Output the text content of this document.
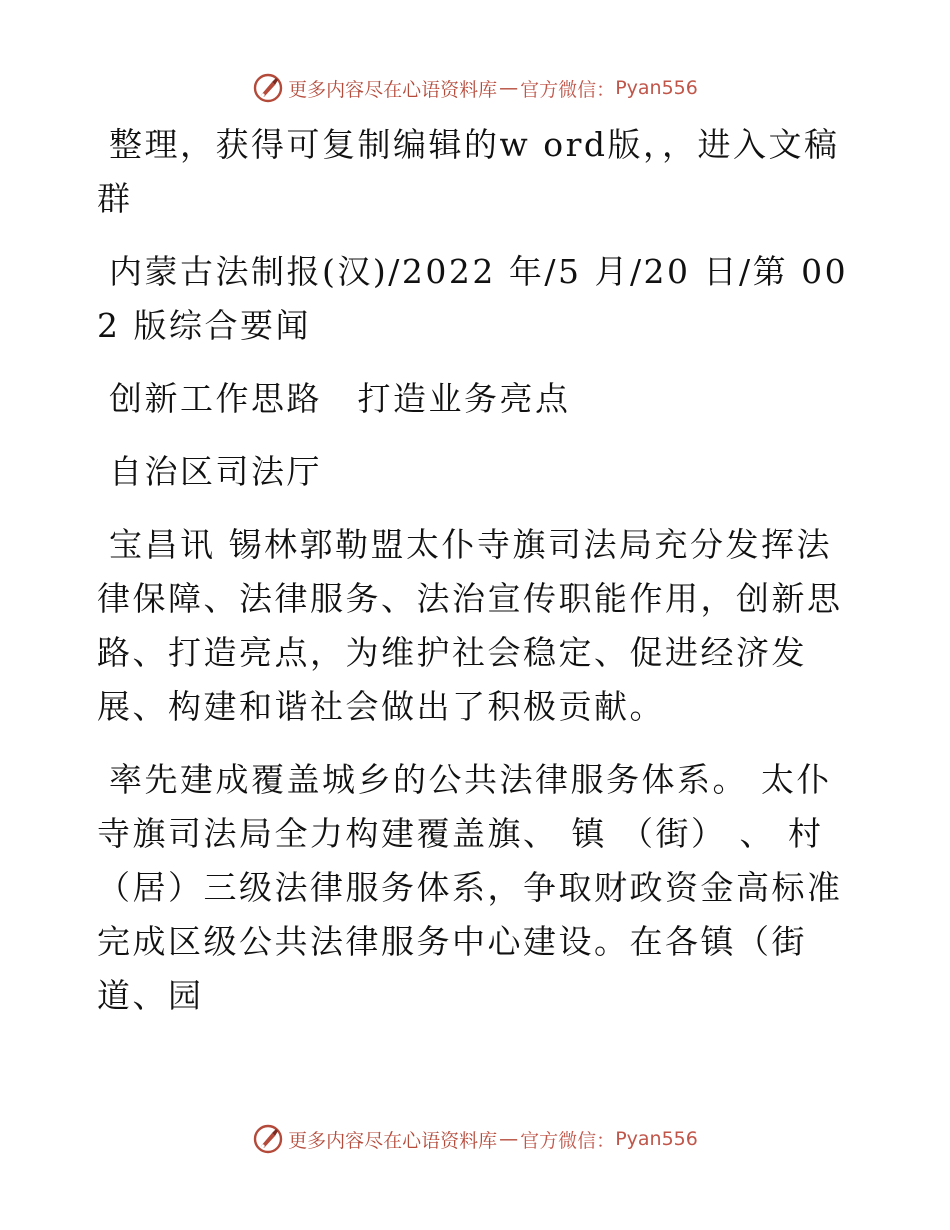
更多内容尽在心语资料库 — 官方微信： Pyan556

整理，获得可复制编辑的w ord版，，进入文稿群

内蒙古法制报(汉)/2022 年/5 月/20 日/第 002 版综合要闻

创新工作思路　打造业务亮点

自治区司法厅

宝昌讯 锡林郭勒盟太仆寺旗司法局充分发挥法律保障、法律服务、法治宣传职能作用，创新思路、打造亮点，为维护社会稳定、促进经济发展、构建和谐社会做出了积极贡献。

率先建成覆盖城乡的公共法律服务体系。 太仆寺旗司法局全力构建覆盖旗、 镇 （街） 、 村（居）三级法律服务体系，争取财政资金高标准完成区级公共法律服务中心建设。在各镇（街道、园

更多内容尽在心语资料库 — 官方微信： Pyan556
